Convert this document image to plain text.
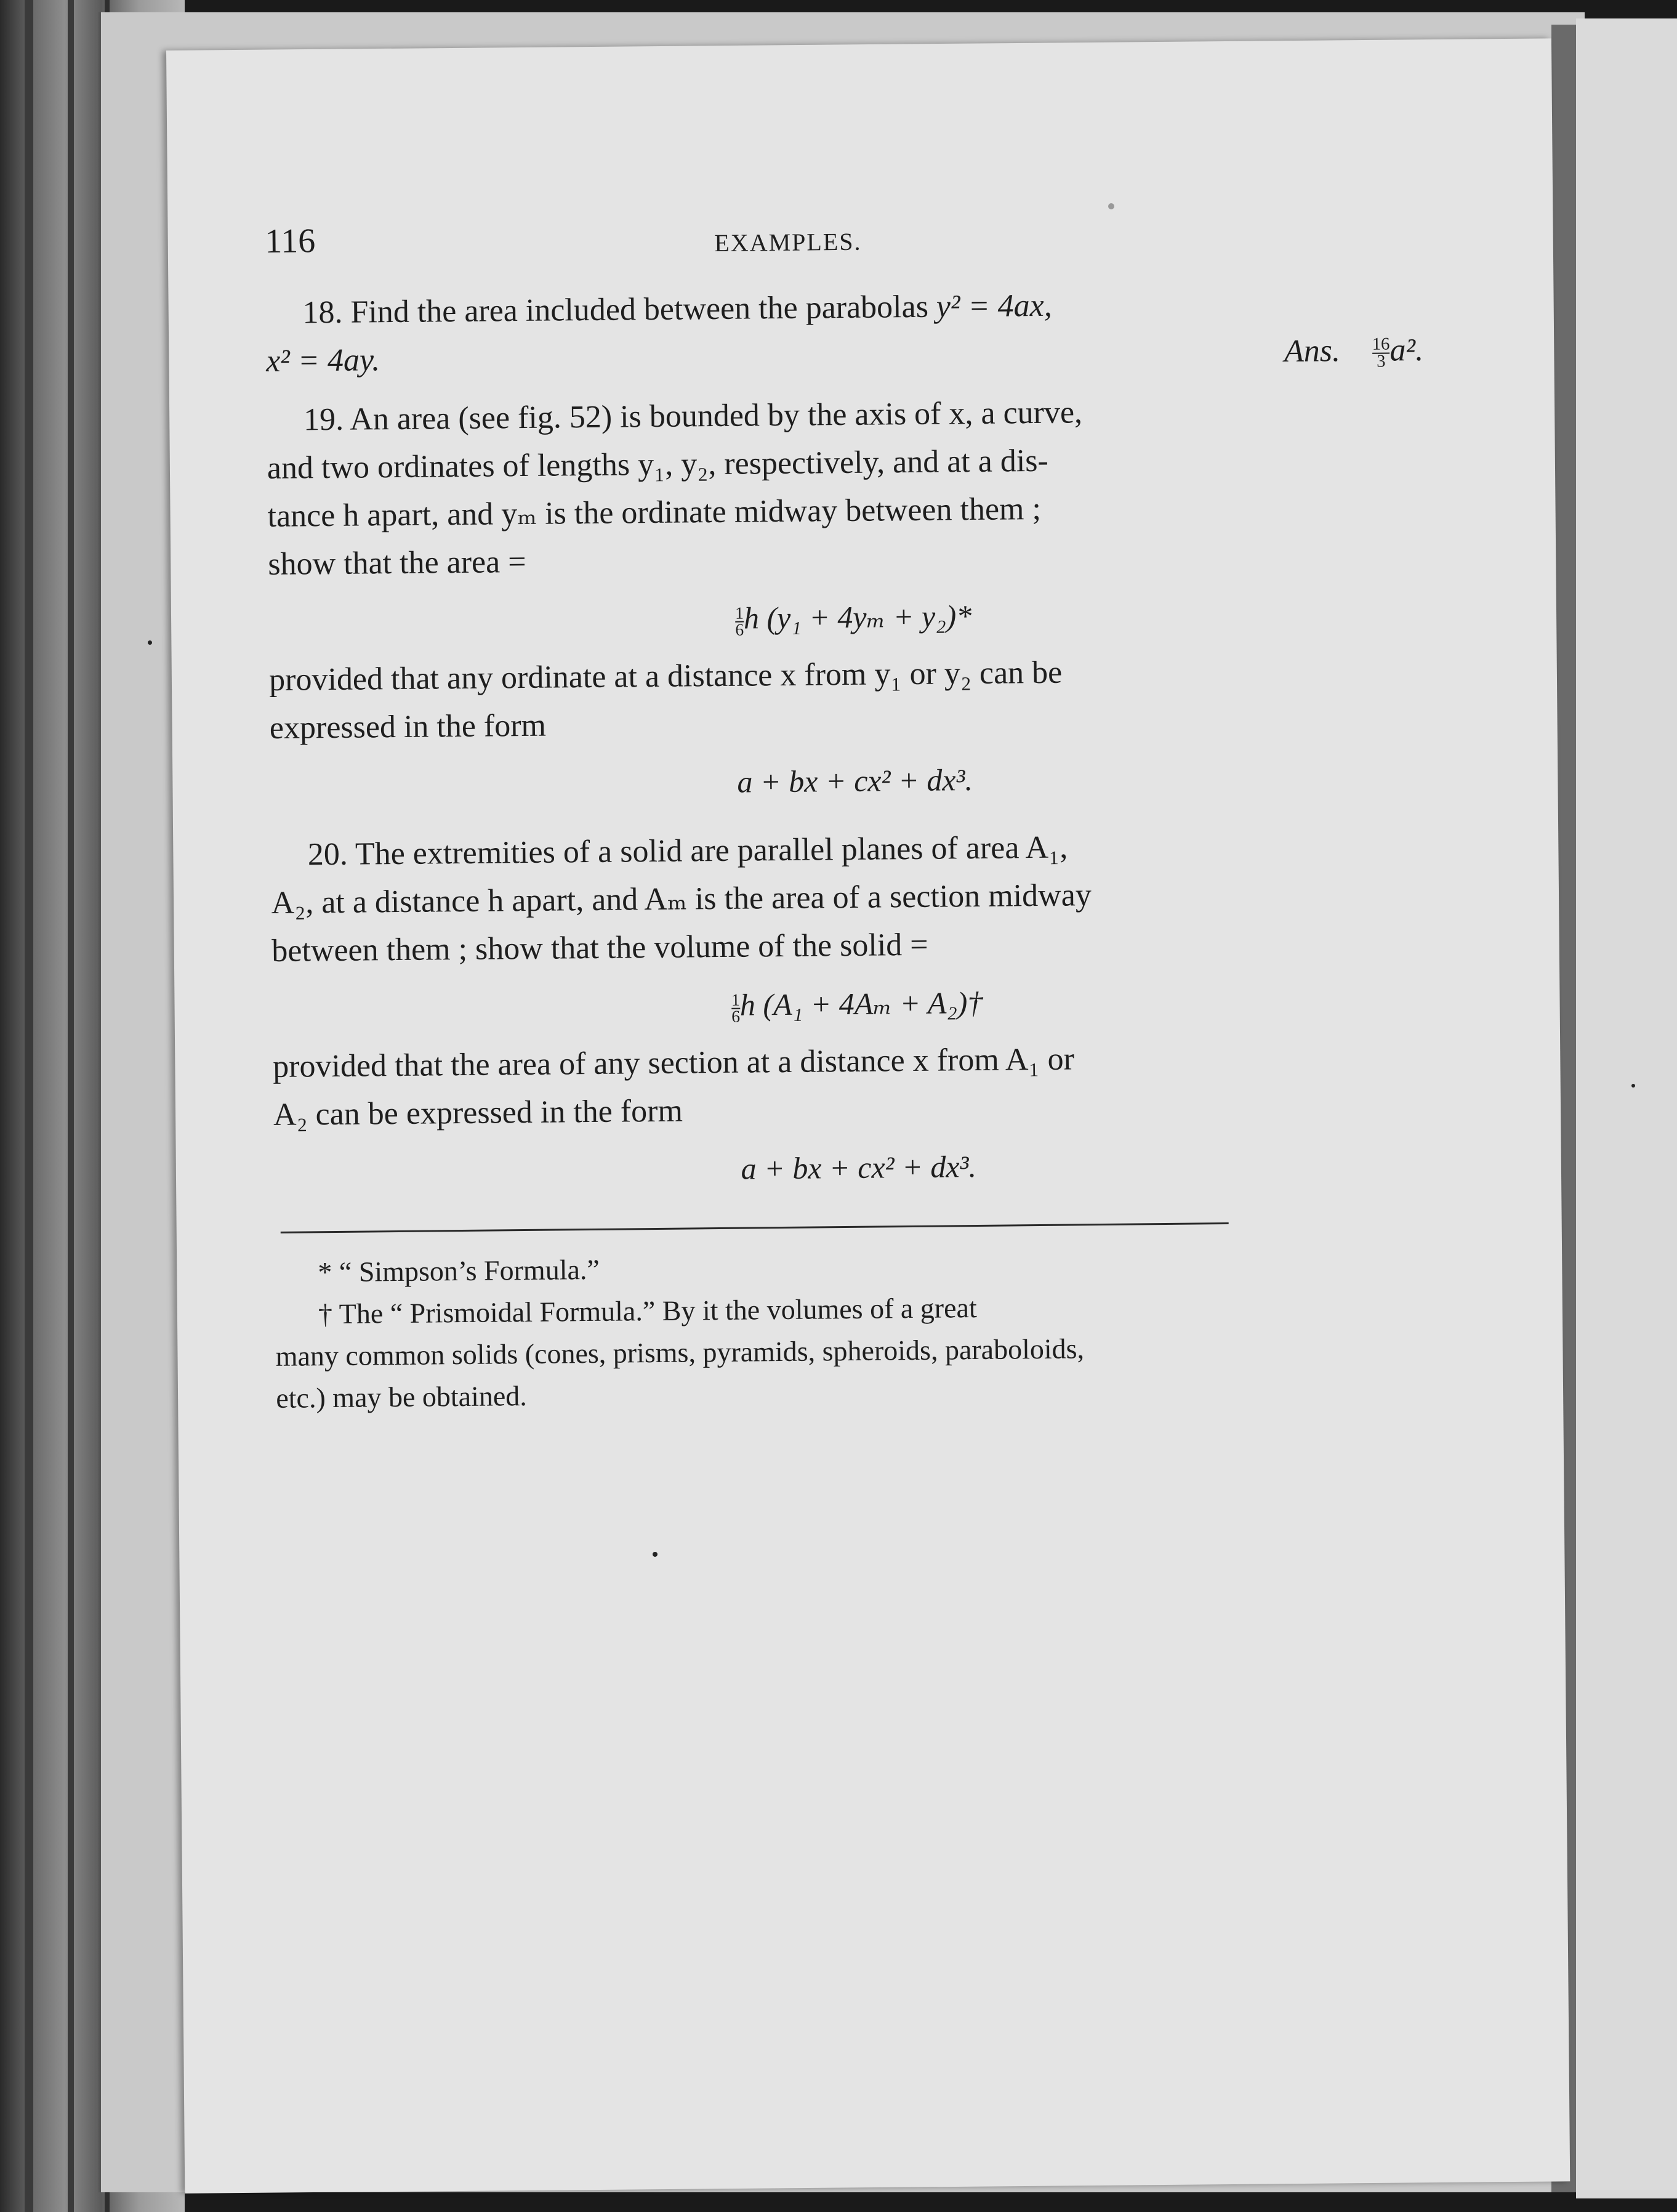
116	EXAMPLES.
18. Find the area included between the parabolas y² = 4ax,
x² = 4ay.	Ans. $\frac{16}{3} a^2$.
19. An area (see fig. 52) is bounded by the axis of x, a curve,
and two ordinates of lengths y₁, y₂, respectively, and at a dis-
tance h apart, and yₘ is the ordinate midway between them ;
show that the area =
$\frac{1}{6}$ h (y₁ + 4yₘ + y₂)*
provided that any ordinate at a distance x from y₁ or y₂ can be
expressed in the form
a + bx + cx² + dx³.
20. The extremities of a solid are parallel planes of area A₁,
A₂, at a distance h apart, and Aₘ is the area of a section midway
between them ; show that the volume of the solid =
$\frac{1}{6}$ h (A₁ + 4Aₘ + A₂)†
provided that the area of any section at a distance x from A₁ or
A₂ can be expressed in the form
a + bx + cx² + dx³.
* “ Simpson’s Formula.”
† The “ Prismoidal Formula.” By it the volumes of a great
many common solids (cones, prisms, pyramids, spheroids, paraboloids,
etc.) may be obtained.
